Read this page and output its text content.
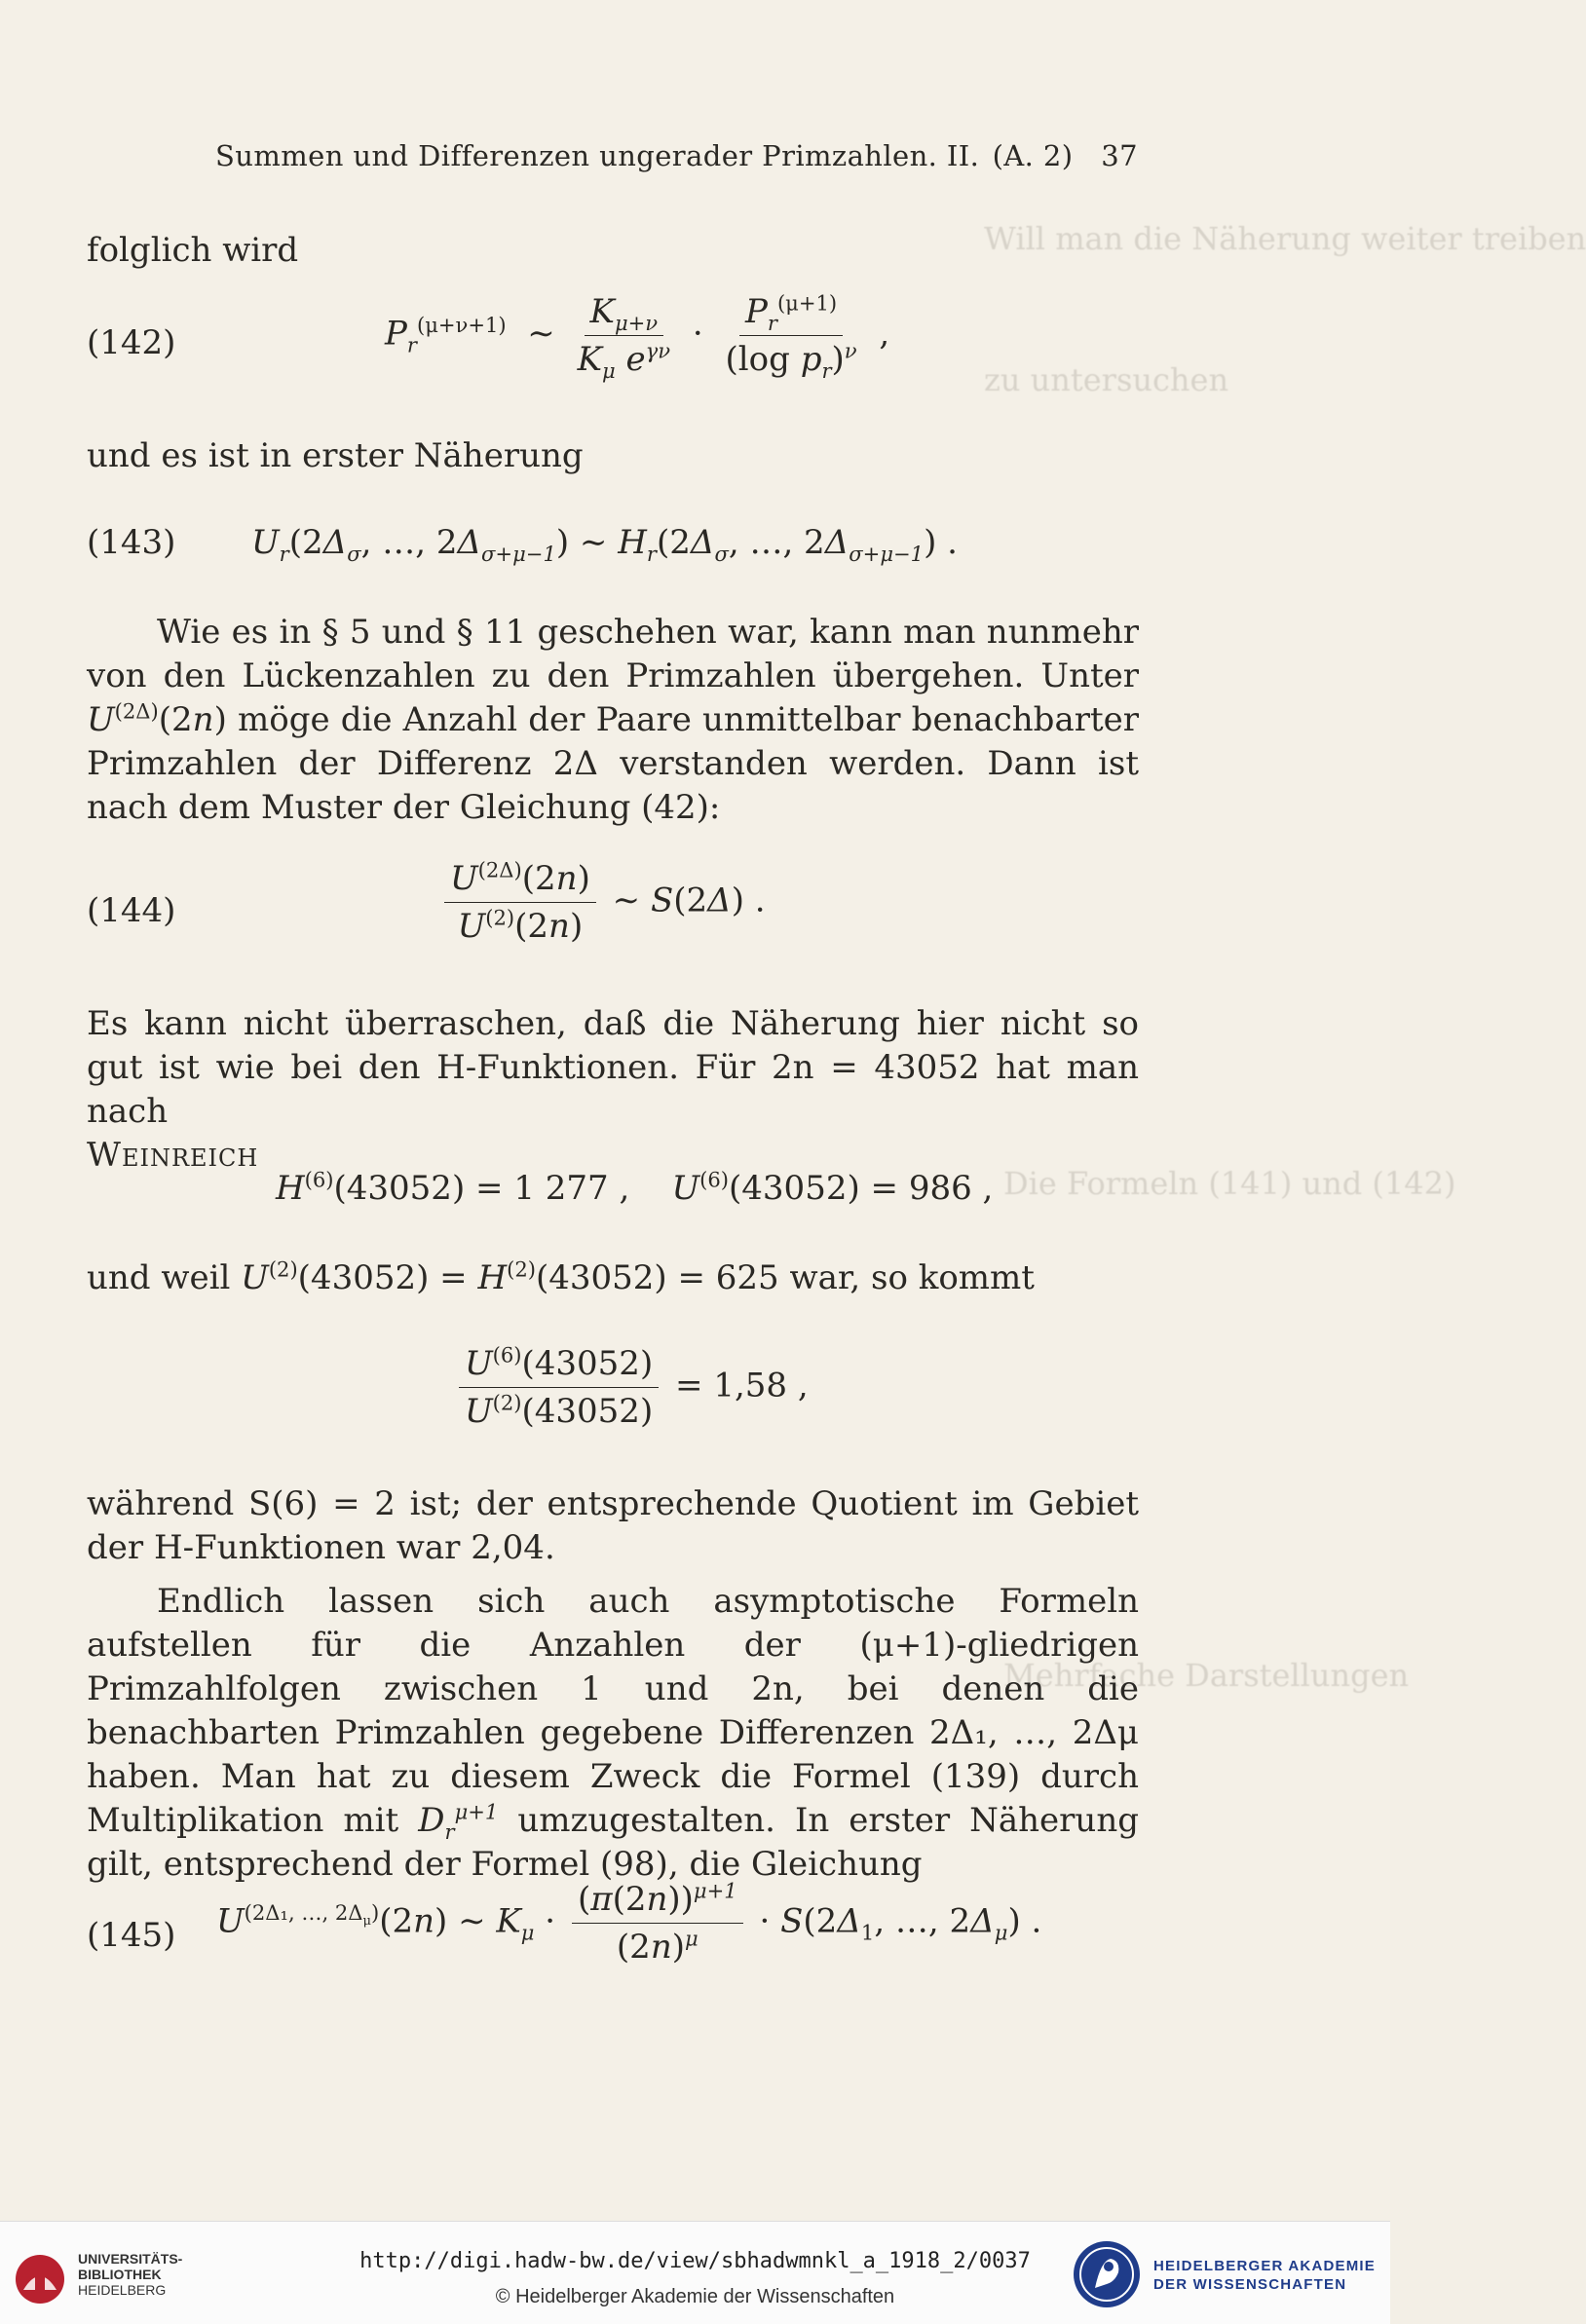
Will man die Näherung weiter treiben
zu untersuchen
Die Formeln (141) und (142)
Mehrfache Darstellungen
Summen und Differenzen ungerader Primzahlen. II. (A. 2) 37
folglich wird
(142)	$P_r^{(\mu+\nu+1)}$  ∼ $\frac{K_{\mu+\nu}}{K_\mu e^{\gamma\nu}} \cdot \frac{P_r^{(\mu+1)}}{(\log p_r)^\nu}$ ,
und es ist in erster Näherung
(143) $U_r(2\Delta_\sigma$, …, $2\Delta_{\sigma+\mu-1}$) ∼ $H_r(2\Delta_\sigma$, …, $2\Delta_{\sigma+\mu-1}$) .
Wie es in § 5 und § 11 geschehen war, kann man nunmehr von den Lückenzahlen zu den Primzahlen übergehen. Unter $U^{(2\Delta)}(2n)$ möge die Anzahl der Paare unmittelbar benachbarter Primzahlen der Differenz 2Δ verstanden werden. Dann ist nach dem Muster der Gleichung (42):
(144)	$\frac{U^{(2\Delta)}(2n)}{U^{(2)}(2n)}$ ∼ S(2Δ) .
Es kann nicht überraschen, daß die Näherung hier nicht so gut ist wie bei den H-Funktionen. Für 2n = 43052 hat man nach
Weinreich
$H^{(6)}(43052) = 1$ 277 ,    $U^{(6)}(43052) = 986$ ,
und weil $U^{(2)}(43052) = H^{(2)}(43052) = 625$ war, so kommt
$\frac{U^{(6)}(43052)}{U^{(2)}(43052)} = 1,58$ ,
während S(6) = 2 ist; der entsprechende Quotient im Gebiet der H-Funktionen war 2,04.
Endlich lassen sich auch asymptotische Formeln aufstellen für die Anzahlen der (μ+1)-gliedrigen Primzahlfolgen zwischen 1 und 2n, bei denen die benachbarten Primzahlen gegebene Differenzen 2Δ₁, …, 2Δμ haben. Man hat zu diesem Zweck die Formel (139) durch Multiplikation mit $D_r^{\mu+1}$ umzugestalten. In erster Näherung gilt, entsprechend der Formel (98), die Gleichung
(145) $U^{(2\Delta_1, \dots, 2\Delta_\mu)}(2n)$ ∼ $K_\mu \cdot \frac{(\pi(2n))^{\mu+1}}{(2n)^\mu} \cdot S(2\Delta_1$, …, $2\Delta_\mu$) .
UNIVERSITÄTS-
BIBLIOTHEK
HEIDELBERG
http://digi.hadw-bw.de/view/sbhadwmnkl_a_1918_2/0037
© Heidelberger Akademie der Wissenschaften
HEIDELBERGER AKADEMIE
DER WISSENSCHAFTEN
